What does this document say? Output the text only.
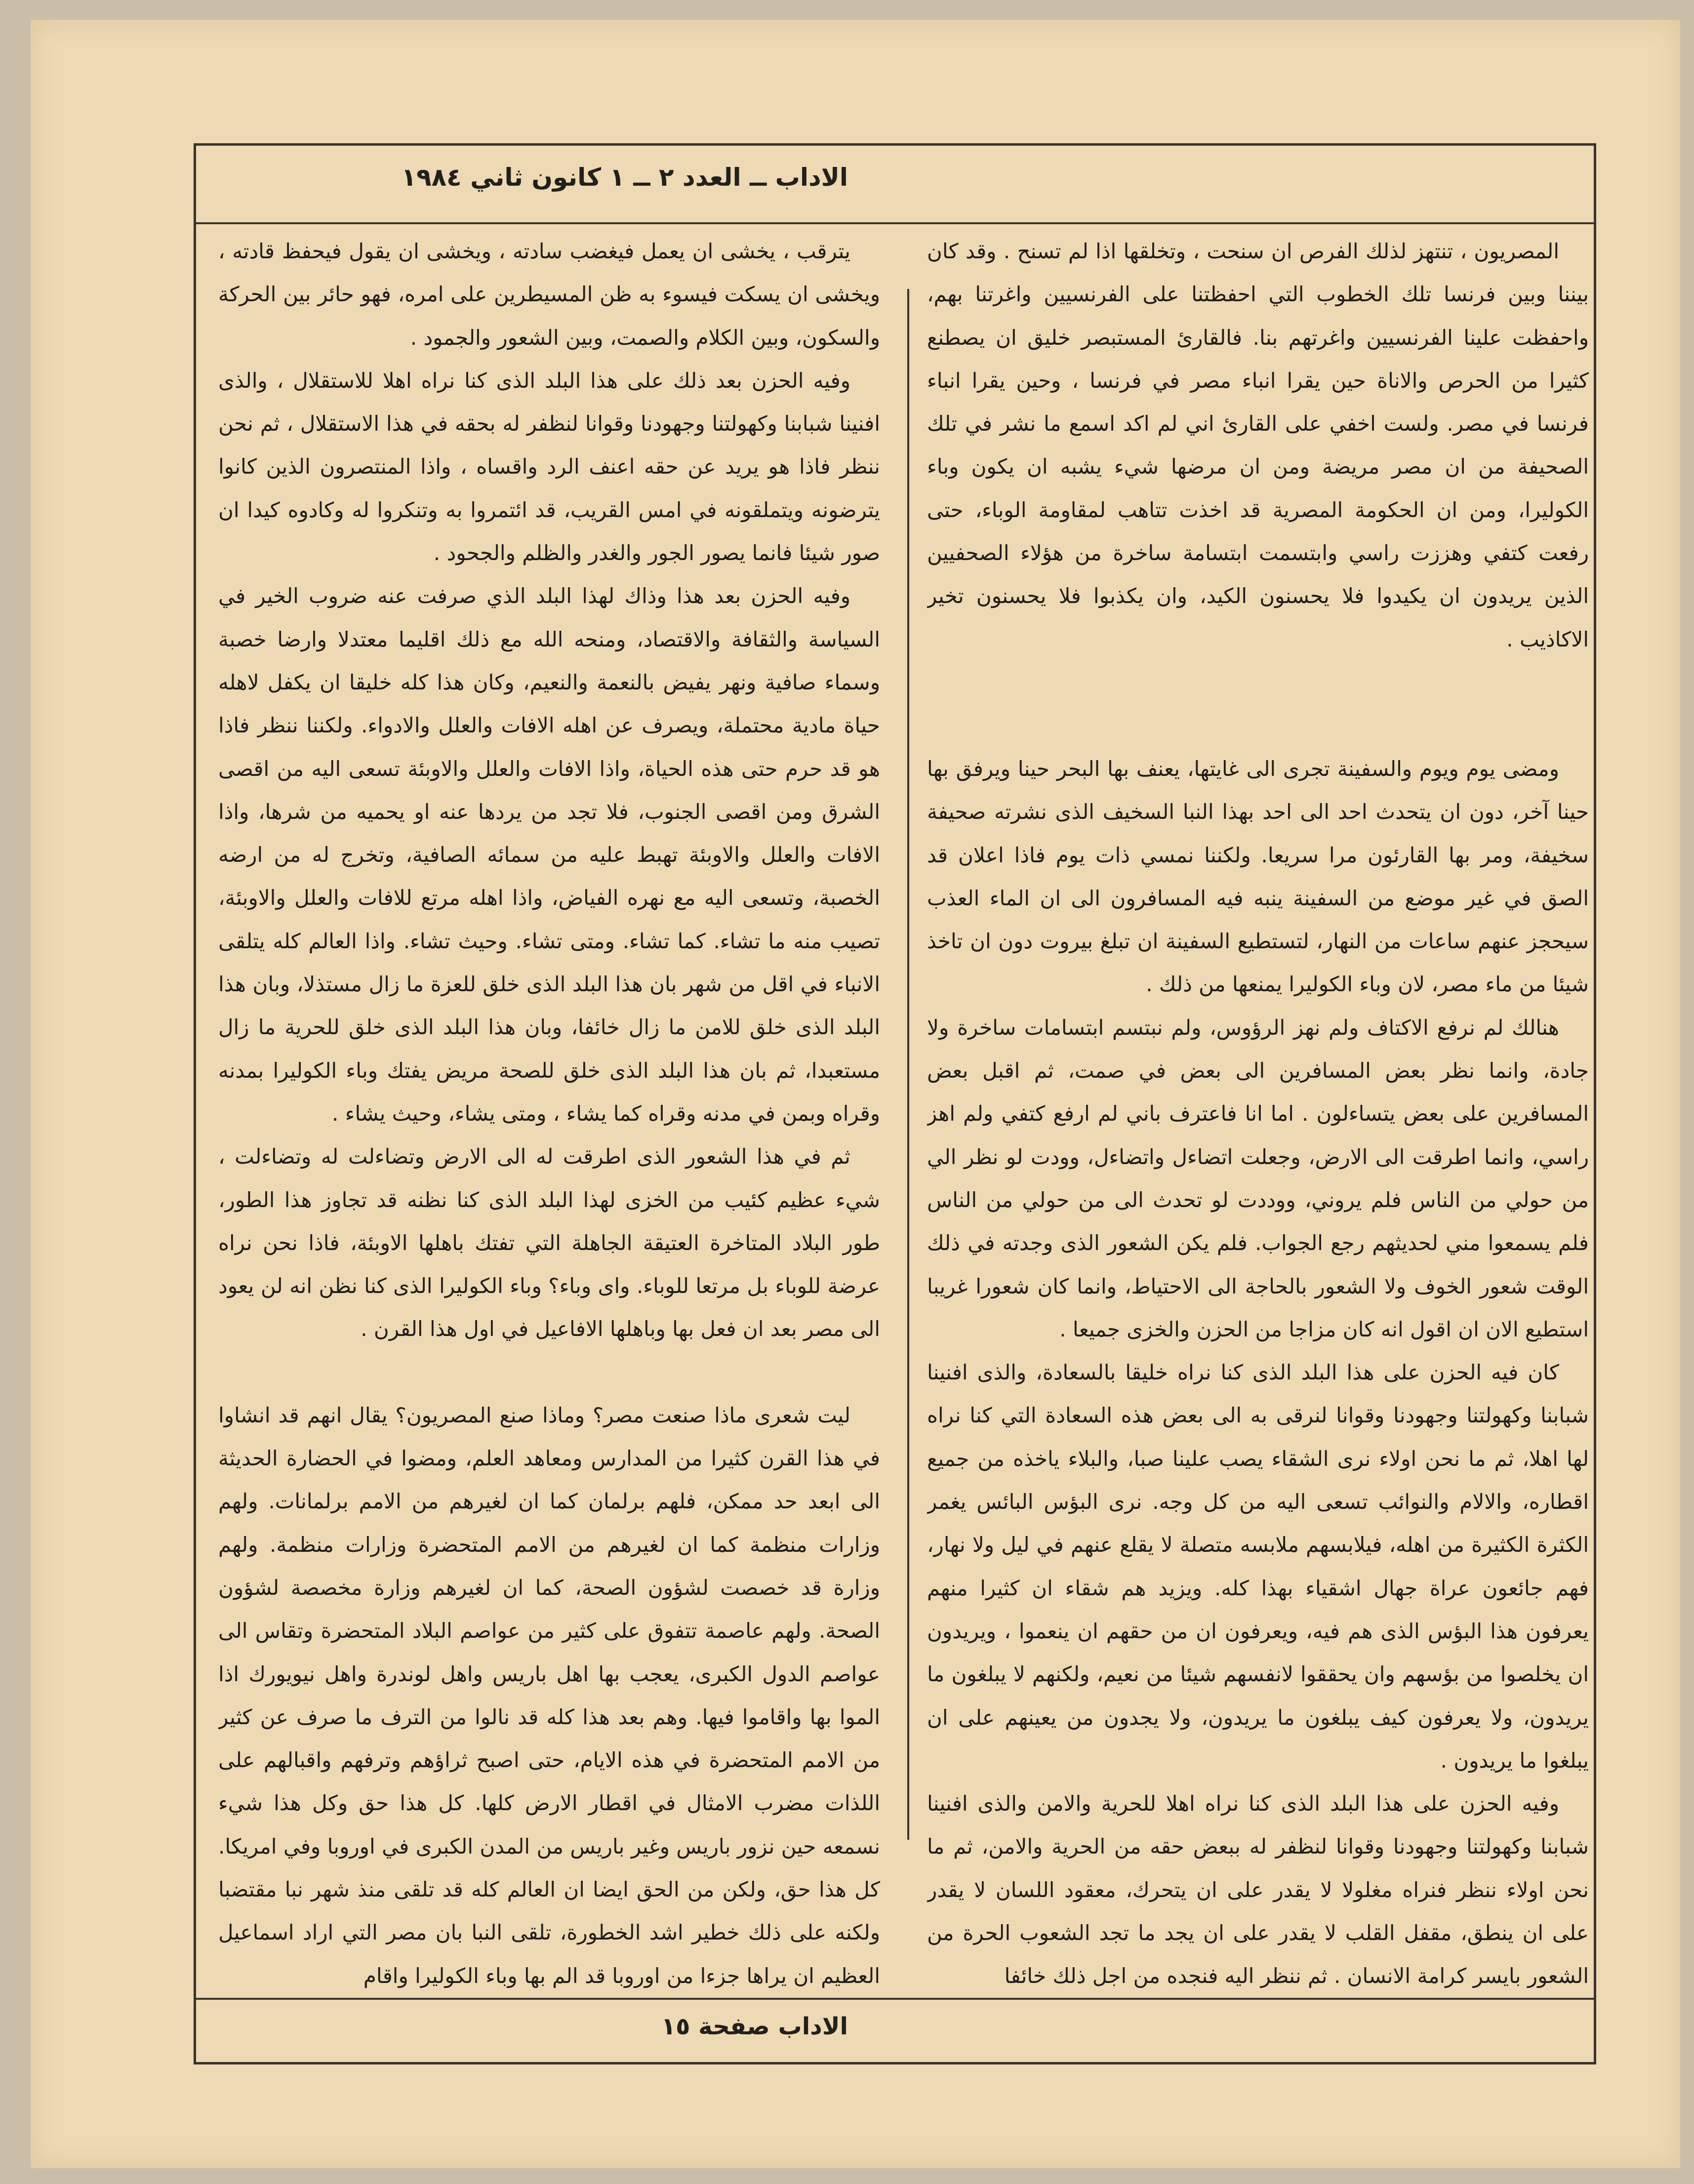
الاداب ــ العدد ٢ ــ ١ كانون ثاني ١٩٨٤

المصريون ، تنتهز لذلك الفرص ان سنحت ، وتخلقها اذا لم تسنح . وقد كان بيننا وبين فرنسا تلك الخطوب التي احفظتنا على الفرنسيين واغرتنا بهم، واحفظت علينا الفرنسيين واغرتهم بنا. فالقارئ المستبصر خليق ان يصطنع كثيرا من الحرص والاناة حين يقرا انباء مصر في فرنسا ، وحين يقرا انباء فرنسا في مصر. ولست اخفي على القارئ اني لم اكد اسمع ما نشر في تلك الصحيفة من ان مصر مريضة ومن ان مرضها شيء يشبه ان يكون وباء الكوليرا، ومن ان الحكومة المصرية قد اخذت تتاهب لمقاومة الوباء، حتى رفعت كتفي وهززت راسي وابتسمت ابتسامة ساخرة من هؤلاء الصحفيين الذين يريدون ان يكيدوا فلا يحسنون الكيد، وان يكذبوا فلا يحسنون تخير الاكاذيب .

ومضى يوم ويوم والسفينة تجرى الى غايتها، يعنف بها البحر حينا ويرفق بها حينا آخر، دون ان يتحدث احد الى احد بهذا النبا السخيف الذى نشرته صحيفة سخيفة، ومر بها القارئون مرا سريعا. ولكننا نمسي ذات يوم فاذا اعلان قد الصق في غير موضع من السفينة ينبه فيه المسافرون الى ان الماء العذب سيحجز عنهم ساعات من النهار، لتستطيع السفينة ان تبلغ بيروت دون ان تاخذ شيئا من ماء مصر، لان وباء الكوليرا يمنعها من ذلك .

هنالك لم نرفع الاكتاف ولم نهز الرؤوس، ولم نبتسم ابتسامات ساخرة ولا جادة، وانما نظر بعض المسافرين الى بعض في صمت، ثم اقبل بعض المسافرين على بعض يتساءلون . اما انا فاعترف باني لم ارفع كتفي ولم اهز راسي، وانما اطرقت الى الارض، وجعلت اتضاءل واتضاءل، وودت لو نظر الي من حولي من الناس فلم يروني، ووددت لو تحدث الى من حولي من الناس فلم يسمعوا مني لحديثهم رجع الجواب. فلم يكن الشعور الذى وجدته في ذلك الوقت شعور الخوف ولا الشعور بالحاجة الى الاحتياط، وانما كان شعورا غريبا استطيع الان ان اقول انه كان مزاجا من الحزن والخزى جميعا .

كان فيه الحزن على هذا البلد الذى كنا نراه خليقا بالسعادة، والذى افنينا شبابنا وكهولتنا وجهودنا وقوانا لنرقى به الى بعض هذه السعادة التي كنا نراه لها اهلا، ثم ما نحن اولاء نرى الشقاء يصب علينا صبا، والبلاء ياخذه من جميع اقطاره، والالام والنوائب تسعى اليه من كل وجه. نرى البؤس البائس يغمر الكثرة الكثيرة من اهله، فيلابسهم ملابسه متصلة لا يقلع عنهم في ليل ولا نهار، فهم جائعون عراة جهال اشقياء بهذا كله. ويزيد هم شقاء ان كثيرا منهم يعرفون هذا البؤس الذى هم فيه، ويعرفون ان من حقهم ان ينعموا ، ويريدون ان يخلصوا من بؤسهم وان يحققوا لانفسهم شيئا من نعيم، ولكنهم لا يبلغون ما يريدون، ولا يعرفون كيف يبلغون ما يريدون، ولا يجدون من يعينهم على ان يبلغوا ما يريدون .

وفيه الحزن على هذا البلد الذى كنا نراه اهلا للحرية والامن والذى افنينا شبابنا وكهولتنا وجهودنا وقوانا لنظفر له ببعض حقه من الحرية والامن، ثم ما نحن اولاء ننظر فنراه مغلولا لا يقدر على ان يتحرك، معقود اللسان لا يقدر على ان ينطق، مقفل القلب لا يقدر على ان يجد ما تجد الشعوب الحرة من الشعور بايسر كرامة الانسان . ثم ننظر اليه فنجده من اجل ذلك خائفا

يترقب ، يخشى ان يعمل فيغضب سادته ، ويخشى ان يقول فيحفظ قادته ، ويخشى ان يسكت فيسوء به ظن المسيطرين على امره، فهو حائر بين الحركة والسكون، وبين الكلام والصمت، وبين الشعور والجمود .

وفيه الحزن بعد ذلك على هذا البلد الذى كنا نراه اهلا للاستقلال ، والذى افنينا شبابنا وكهولتنا وجهودنا وقوانا لنظفر له بحقه في هذا الاستقلال ، ثم نحن ننظر فاذا هو يريد عن حقه اعنف الرد واقساه ، واذا المنتصرون الذين كانوا يترضونه ويتملقونه في امس القريب، قد ائتمروا به وتنكروا له وكادوه كيدا ان صور شيئا فانما يصور الجور والغدر والظلم والجحود .

وفيه الحزن بعد هذا وذاك لهذا البلد الذي صرفت عنه ضروب الخير في السياسة والثقافة والاقتصاد، ومنحه الله مع ذلك اقليما معتدلا وارضا خصبة وسماء صافية ونهر يفيض بالنعمة والنعيم، وكان هذا كله خليقا ان يكفل لاهله حياة مادية محتملة، ويصرف عن اهله الافات والعلل والادواء. ولكننا ننظر فاذا هو قد حرم حتى هذه الحياة، واذا الافات والعلل والاوبئة تسعى اليه من اقصى الشرق ومن اقصى الجنوب، فلا تجد من يردها عنه او يحميه من شرها، واذا الافات والعلل والاوبئة تهبط عليه من سمائه الصافية، وتخرج له من ارضه الخصبة، وتسعى اليه مع نهره الفياض، واذا اهله مرتع للافات والعلل والاوبئة، تصيب منه ما تشاء. كما تشاء. ومتى تشاء. وحيث تشاء. واذا العالم كله يتلقى الانباء في اقل من شهر بان هذا البلد الذى خلق للعزة ما زال مستذلا، وبان هذا البلد الذى خلق للامن ما زال خائفا، وبان هذا البلد الذى خلق للحرية ما زال مستعبدا، ثم بان هذا البلد الذى خلق للصحة مريض يفتك وباء الكوليرا بمدنه وقراه وبمن في مدنه وقراه كما يشاء ، ومتى يشاء، وحيث يشاء .

ثم في هذا الشعور الذى اطرقت له الى الارض وتضاءلت له وتضاءلت ، شيء عظيم كئيب من الخزى لهذا البلد الذى كنا نظنه قد تجاوز هذا الطور، طور البلاد المتاخرة العتيقة الجاهلة التي تفتك باهلها الاوبئة، فاذا نحن نراه عرضة للوباء بل مرتعا للوباء. واى وباء؟ وباء الكوليرا الذى كنا نظن انه لن يعود الى مصر بعد ان فعل بها وباهلها الافاعيل في اول هذا القرن .

ليت شعرى ماذا صنعت مصر؟ وماذا صنع المصريون؟ يقال انهم قد انشاوا في هذا القرن كثيرا من المدارس ومعاهد العلم، ومضوا في الحضارة الحديثة الى ابعد حد ممكن، فلهم برلمان كما ان لغيرهم من الامم برلمانات. ولهم وزارات منظمة كما ان لغيرهم من الامم المتحضرة وزارات منظمة. ولهم وزارة قد خصصت لشؤون الصحة، كما ان لغيرهم وزارة مخصصة لشؤون الصحة. ولهم عاصمة تتفوق على كثير من عواصم البلاد المتحضرة وتقاس الى عواصم الدول الكبرى، يعجب بها اهل باريس واهل لوندرة واهل نيويورك اذا الموا بها واقاموا فيها. وهم بعد هذا كله قد نالوا من الترف ما صرف عن كثير من الامم المتحضرة في هذه الايام، حتى اصبح ثراؤهم وترفهم واقبالهم على اللذات مضرب الامثال في اقطار الارض كلها. كل هذا حق وكل هذا شيء نسمعه حين نزور باريس وغير باريس من المدن الكبرى في اوروبا وفي امريكا. كل هذا حق، ولكن من الحق ايضا ان العالم كله قد تلقى منذ شهر نبا مقتضبا ولكنه على ذلك خطير اشد الخطورة، تلقى النبا بان مصر التي اراد اسماعيل العظيم ان يراها جزءا من اوروبا قد الم بها وباء الكوليرا واقام

الاداب صفحة ١٥
